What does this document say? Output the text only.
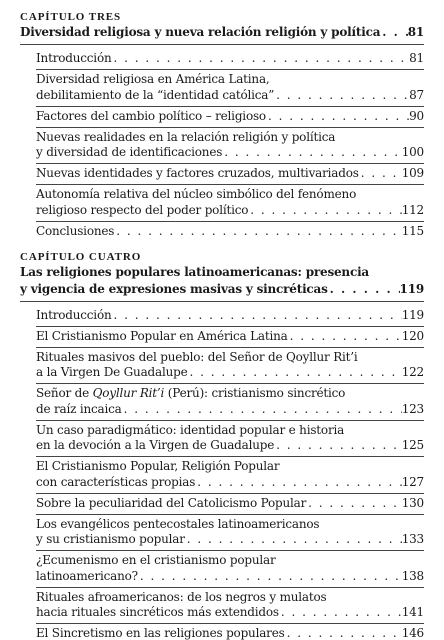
CAPÍTULO TRES
Diversidad religiosa y nueva relación religión y política . . . 81
Introducción . . .	81
Diversidad religiosa en América Latina,
debilitamiento de la “identidad católica” . . .	87
Factores del cambio político – religioso . . .	90
Nuevas realidades en la relación religión y política
y diversidad de identificaciones . . .	100
Nuevas identidades y factores cruzados, multivariados . . .	109
Autonomía relativa del núcleo simbólico del fenómeno
religioso respecto del poder político . . .	112
Conclusiones . . .	115
CAPÍTULO CUATRO
Las religiones populares latinoamericanas: presencia
y vigencia de expresiones masivas y sincréticas . . .	119
Introducción . . .	119
El Cristianismo Popular en América Latina . . .	120
Rituales masivos del pueblo: del Señor de Qoyllur Rit’i
a la Virgen De Guadalupe . . .	122
Señor de Qoyllur Rit’i (Perú): cristianismo sincrético
de raíz incaica . . .	123
Un caso paradigmático: identidad popular e historia
en la devoción a la Virgen de Guadalupe . . .	125
El Cristianismo Popular, Religión Popular
con características propias . . .	127
Sobre la peculiaridad del Catolicismo Popular . . .	130
Los evangélicos pentecostales latinoamericanos
y su cristianismo popular . . .	133
¿Ecumenismo en el cristianismo popular
latinoamericano? . . .	138
Rituales afroamericanos: de los negros y mulatos
hacia rituales sincréticos más extendidos . . .	141
El Sincretismo en las religiones populares . . .	146
